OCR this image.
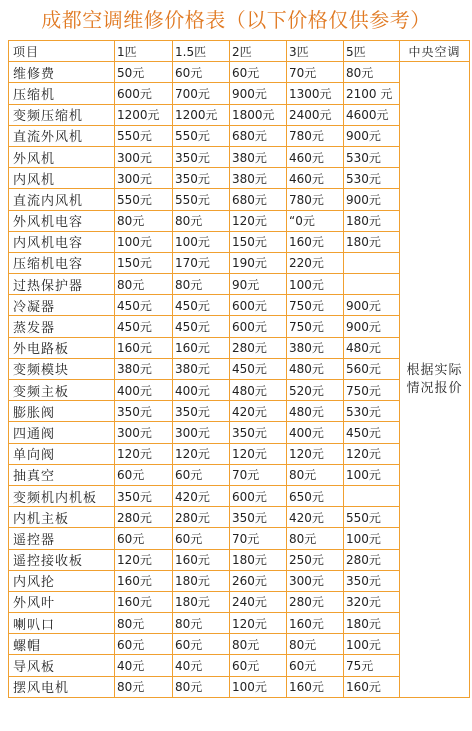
成都空调维修价格表（以下价格仅供参考）
项目	1匹	1.5匹	2匹	3匹	5匹	中央空调
维修费	50元	60元	60元	70元	80元	根据实际情况报价
压缩机	600元	700元	900元	1300元	2100 元	
变频压缩机	1200元	1200元	1800元	2400元	4600元	
直流外风机	550元	550元	680元	780元	900元	
外风机	300元	350元	380元	460元	530元	
内风机	300元	350元	380元	460元	530元	
直流内风机	550元	550元	680元	780元	900元	
外风机电容	80元	80元	120元	“0元	180元	
内风机电容	100元	100元	150元	160元	180元	
压缩机电容	150元	170元	190元	220元		
过热保护器	80元	80元	90元	100元		
冷凝器	450元	450元	600元	750元	900元	
蒸发器	450元	450元	600元	750元	900元	
外电路板	160元	160元	280元	380元	480元	
变频模块	380元	380元	450元	480元	560元	
变频主板	400元	400元	480元	520元	750元	
膨胀阀	350元	350元	420元	480元	530元	
四通阀	300元	300元	350元	400元	450元	
单向阀	120元	120元	120元	120元	120元	
抽真空	60元	60元	70元	80元	100元	
变频机内机板	350元	420元	600元	650元		
内机主板	280元	280元	350元	420元	550元	
遥控器	60元	60元	70元	80元	100元	
遥控接收板	120元	160元	180元	250元	280元	
内风抡	160元	180元	260元	300元	350元	
外风叶	160元	180元	240元	280元	320元	
喇叭口	80元	80元	120元	160元	180元	
螺帽	60元	60元	80元	80元	100元	
导风板	40元	40元	60元	60元	75元	
摆风电机	80元	80元	100元	160元	160元	
